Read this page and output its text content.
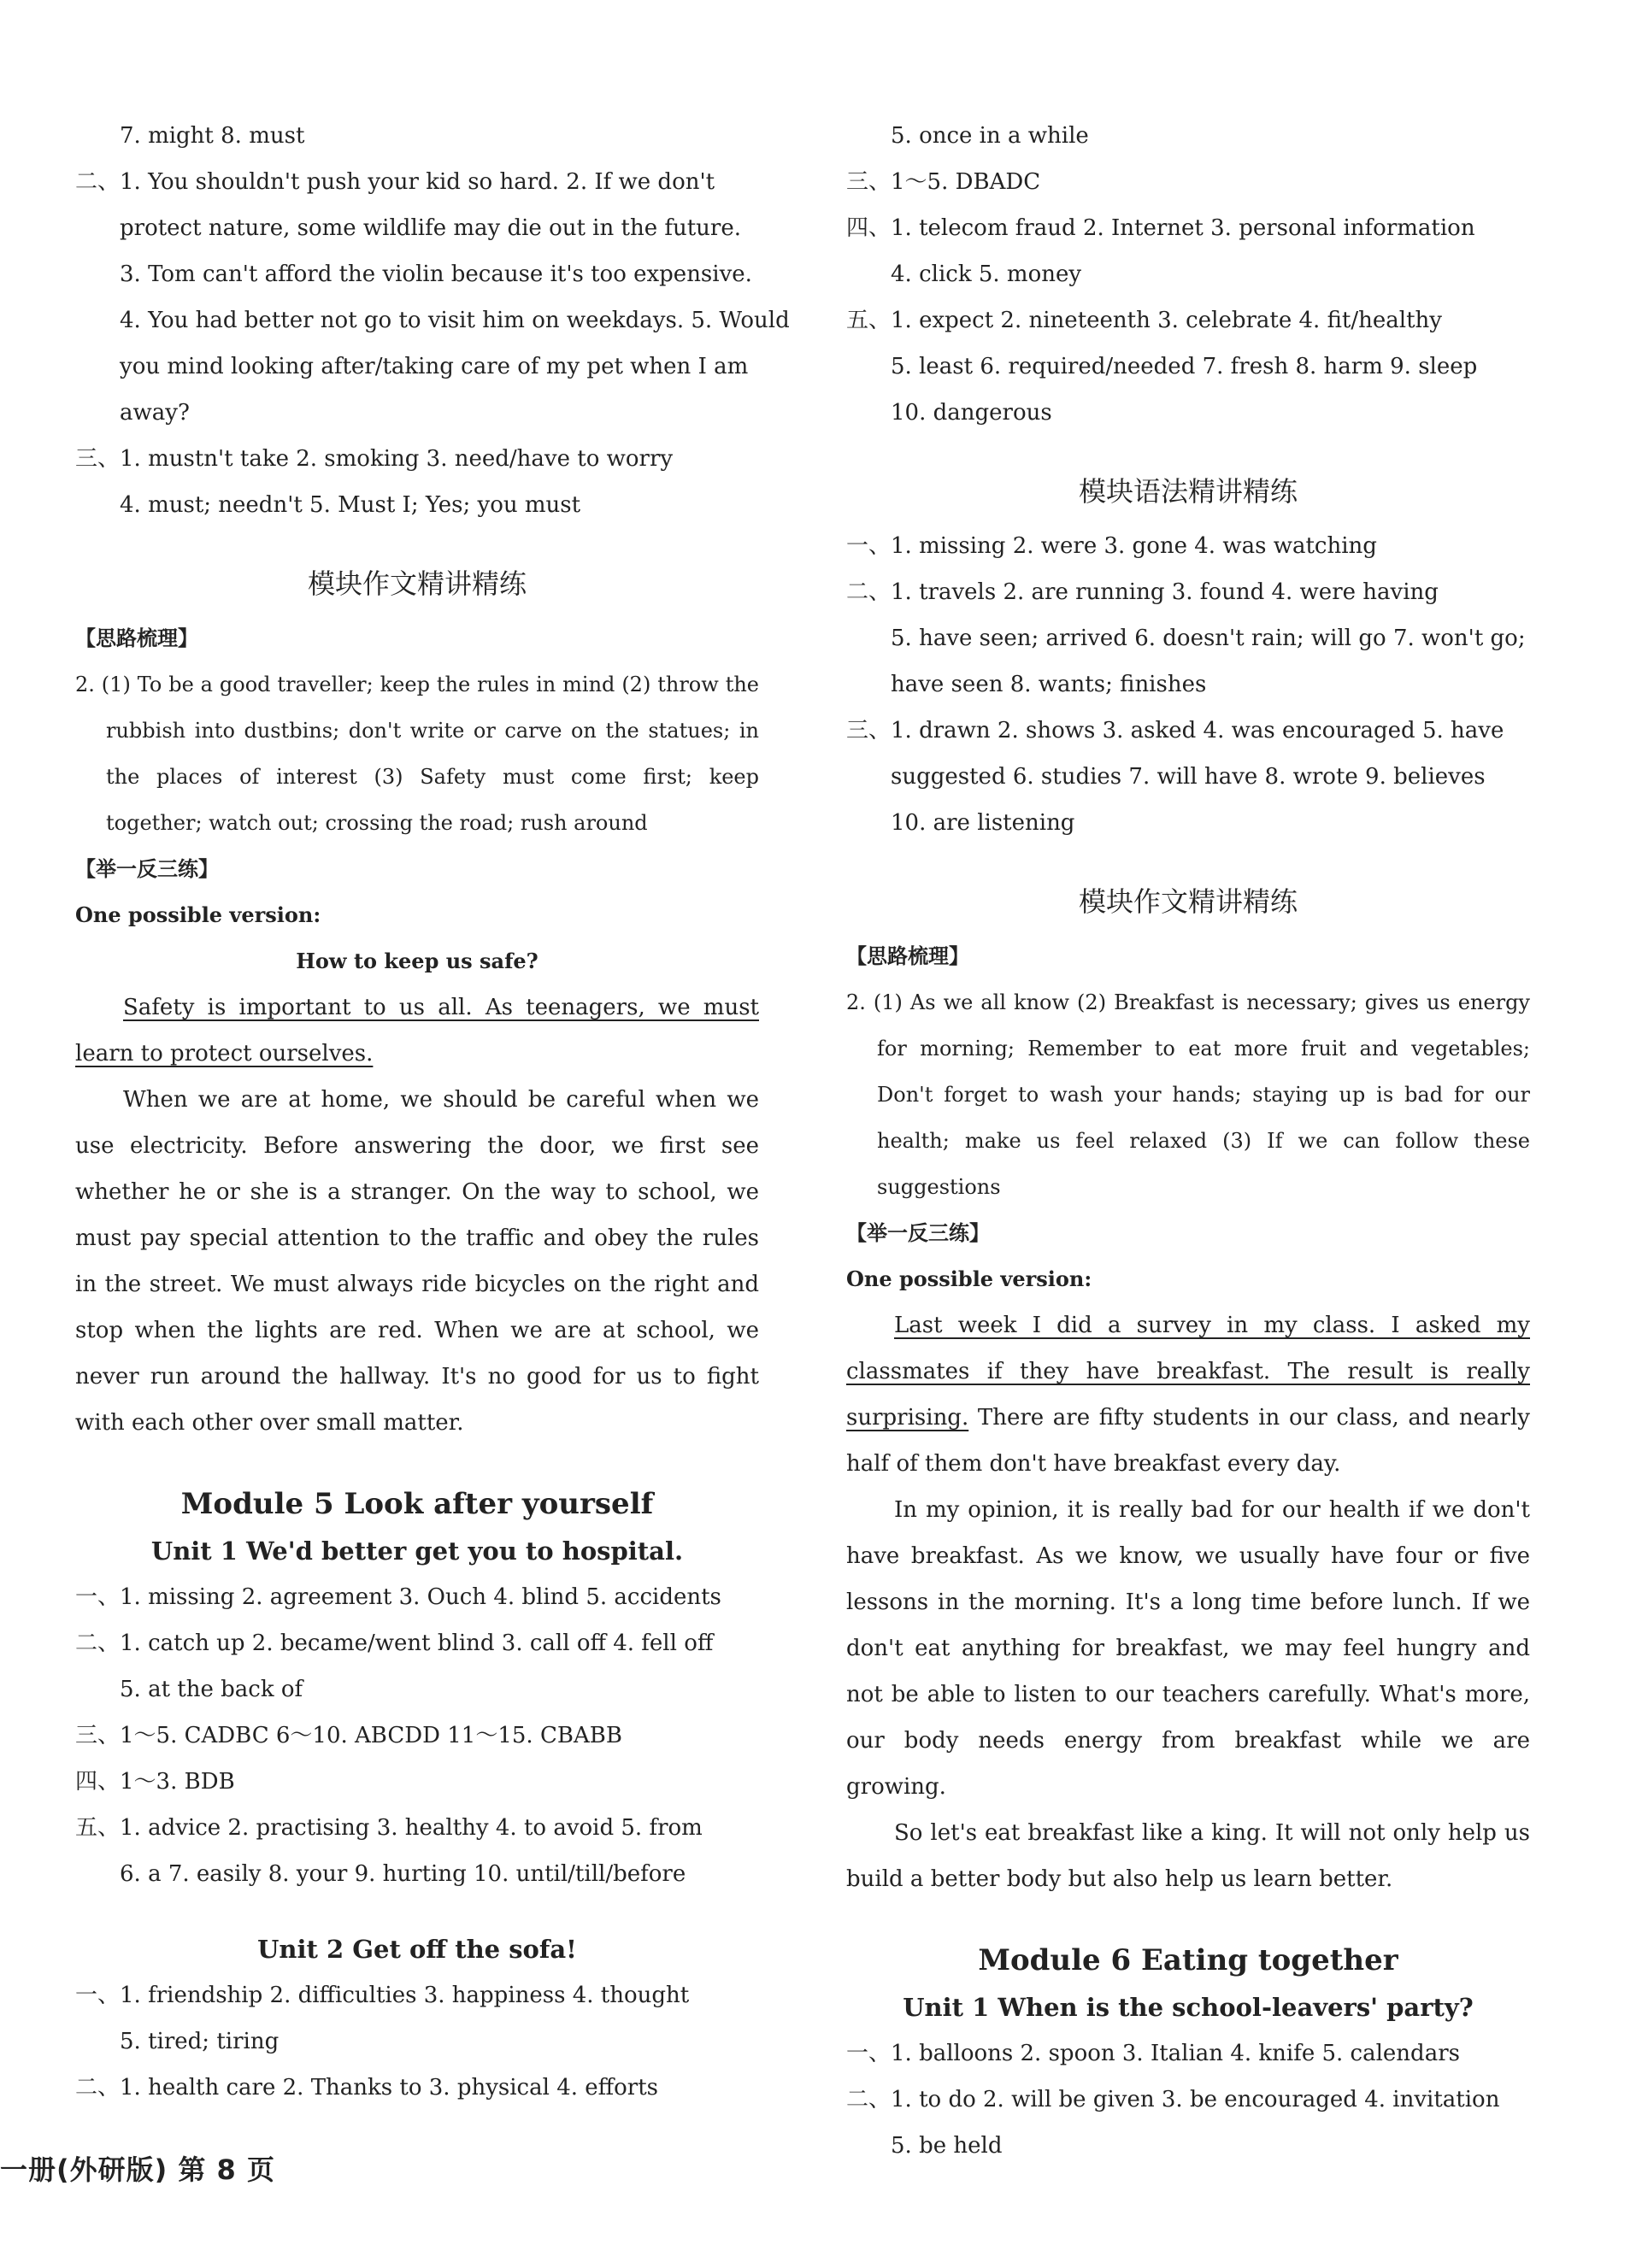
7. might 8. must
二、1. You shouldn't push your kid so hard. 2. If we don't
protect nature, some wildlife may die out in the future.
3. Tom can't afford the violin because it's too expensive.
4. You had better not go to visit him on weekdays. 5. Would
you mind looking after/taking care of my pet when I am
away?
三、1. mustn't take 2. smoking 3. need/have to worry
4. must; needn't 5. Must I; Yes; you must
模块作文精讲精练
【思路梳理】
2. (1) To be a good traveller; keep the rules in mind (2) throw the rubbish into dustbins; don't write or carve on the statues; in the places of interest (3) Safety must come first; keep together; watch out; crossing the road; rush around
【举一反三练】
One possible version:
How to keep us safe?
Safety is important to us all. As teenagers, we must learn to protect ourselves.
When we are at home, we should be careful when we use electricity. Before answering the door, we first see whether he or she is a stranger. On the way to school, we must pay special attention to the traffic and obey the rules in the street. We must always ride bicycles on the right and stop when the lights are red. When we are at school, we never run around the hallway. It's no good for us to fight with each other over small matter.
Module 5 Look after yourself
Unit 1 We'd better get you to hospital.
一、1. missing 2. agreement 3. Ouch 4. blind 5. accidents
二、1. catch up 2. became/went blind 3. call off 4. fell off
5. at the back of
三、1～5. CADBC 6～10. ABCDD 11～15. CBABB
四、1～3. BDB
五、1. advice 2. practising 3. healthy 4. to avoid 5. from
6. a 7. easily 8. your 9. hurting 10. until/till/before
Unit 2 Get off the sofa!
一、1. friendship 2. difficulties 3. happiness 4. thought
5. tired; tiring
二、1. health care 2. Thanks to 3. physical 4. efforts
5. once in a while
三、1～5. DBADC
四、1. telecom fraud 2. Internet 3. personal information
4. click 5. money
五、1. expect 2. nineteenth 3. celebrate 4. fit/healthy
5. least 6. required/needed 7. fresh 8. harm 9. sleep
10. dangerous
模块语法精讲精练
一、1. missing 2. were 3. gone 4. was watching
二、1. travels 2. are running 3. found 4. were having
5. have seen; arrived 6. doesn't rain; will go 7. won't go;
have seen 8. wants; finishes
三、1. drawn 2. shows 3. asked 4. was encouraged 5. have
suggested 6. studies 7. will have 8. wrote 9. believes
10. are listening
模块作文精讲精练
【思路梳理】
2. (1) As we all know (2) Breakfast is necessary; gives us energy for morning; Remember to eat more fruit and vegetables; Don't forget to wash your hands; staying up is bad for our health; make us feel relaxed (3) If we can follow these suggestions
【举一反三练】
One possible version:
Last week I did a survey in my class. I asked my classmates if they have breakfast. The result is really surprising. There are fifty students in our class, and nearly half of them don't have breakfast every day.
In my opinion, it is really bad for our health if we don't have breakfast. As we know, we usually have four or five lessons in the morning. It's a long time before lunch. If we don't eat anything for breakfast, we may feel hungry and not be able to listen to our teachers carefully. What's more, our body needs energy from breakfast while we are growing.
So let's eat breakfast like a king. It will not only help us build a better body but also help us learn better.
Module 6 Eating together
Unit 1 When is the school-leavers' party?
一、1. balloons 2. spoon 3. Italian 4. knife 5. calendars
二、1. to do 2. will be given 3. be encouraged 4. invitation
5. be held
一册(外研版) 第 8 页
